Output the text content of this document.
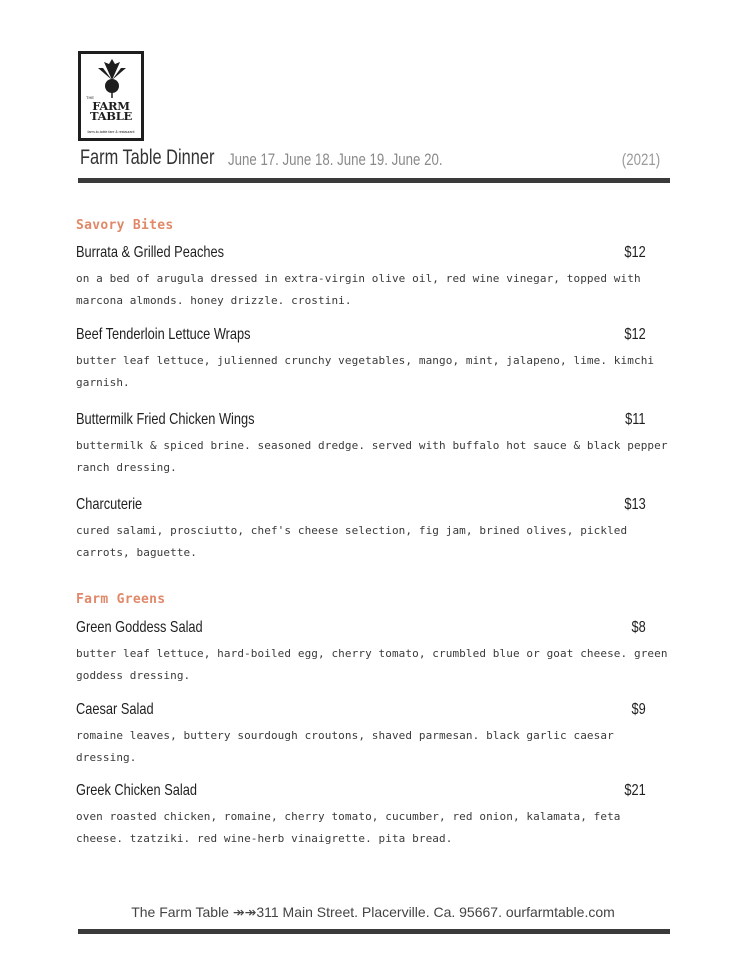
THE
FARM
TABLE
farm-to-table fare & restaurant
Farm Table Dinner June 17. June 18. June 19. June 20.	(2021)
Savory Bites
Burrata & Grilled Peaches	$12
on a bed of arugula dressed in extra-virgin olive oil, red wine vinegar, topped with marcona almonds. honey drizzle. crostini.
Beef Tenderloin Lettuce Wraps	$12
butter leaf lettuce, julienned crunchy vegetables, mango, mint, jalapeno, lime. kimchi garnish.
Buttermilk Fried Chicken Wings	$11
buttermilk & spiced brine. seasoned dredge. served with buffalo hot sauce & black pepper ranch dressing.
Charcuterie	$13
cured salami, prosciutto, chef's cheese selection, fig jam, brined olives, pickled carrots, baguette.
Farm Greens
Green Goddess Salad	$8
butter leaf lettuce, hard-boiled egg, cherry tomato, crumbled blue or goat cheese. green goddess dressing.
Caesar Salad	$9
romaine leaves, buttery sourdough croutons, shaved parmesan. black garlic caesar dressing.
Greek Chicken Salad	$21
oven roasted chicken, romaine, cherry tomato, cucumber, red onion, kalamata, feta cheese. tzatziki. red wine-herb vinaigrette. pita bread.
The Farm Table ↠↠311 Main Street. Placerville. Ca. 95667. ourfarmtable.com
